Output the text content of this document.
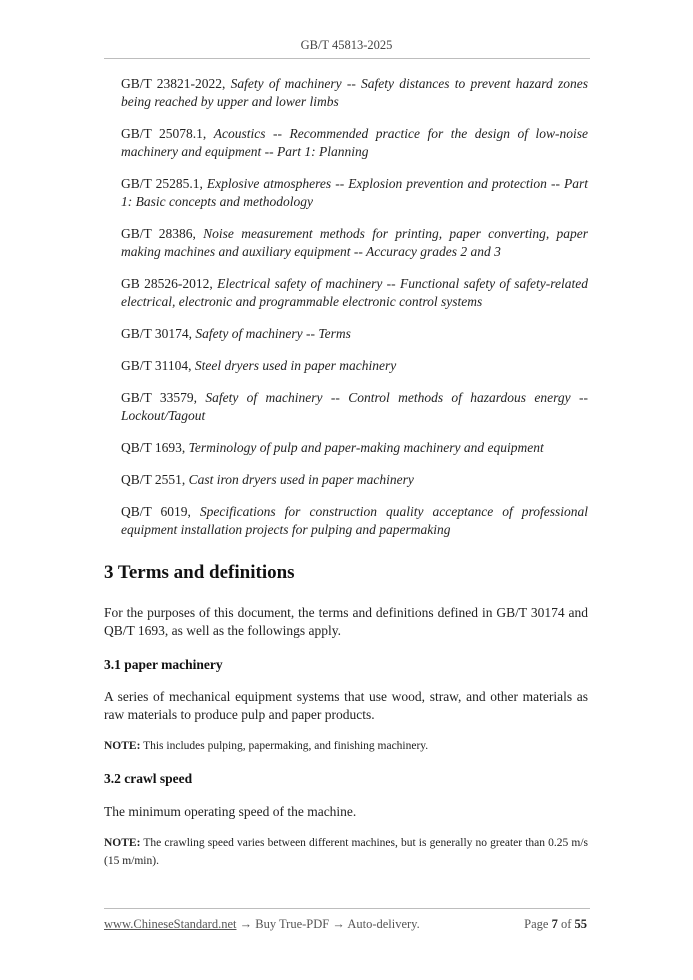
GB/T 45813-2025

GB/T 23821-2022, Safety of machinery -- Safety distances to prevent hazard zones being reached by upper and lower limbs

GB/T 25078.1, Acoustics -- Recommended practice for the design of low-noise machinery and equipment -- Part 1: Planning

GB/T 25285.1, Explosive atmospheres -- Explosion prevention and protection -- Part 1: Basic concepts and methodology

GB/T 28386, Noise measurement methods for printing, paper converting, paper making machines and auxiliary equipment -- Accuracy grades 2 and 3

GB 28526-2012, Electrical safety of machinery -- Functional safety of safety-related electrical, electronic and programmable electronic control systems

GB/T 30174, Safety of machinery -- Terms

GB/T 31104, Steel dryers used in paper machinery

GB/T 33579, Safety of machinery -- Control methods of hazardous energy -- Lockout/Tagout

QB/T 1693, Terminology of pulp and paper-making machinery and equipment

QB/T 2551, Cast iron dryers used in paper machinery

QB/T 6019, Specifications for construction quality acceptance of professional equipment installation projects for pulping and papermaking

3 Terms and definitions

For the purposes of this document, the terms and definitions defined in GB/T 30174 and QB/T 1693, as well as the followings apply.

3.1 paper machinery

A series of mechanical equipment systems that use wood, straw, and other materials as raw materials to produce pulp and paper products.

NOTE: This includes pulping, papermaking, and finishing machinery.

3.2 crawl speed

The minimum operating speed of the machine.

NOTE: The crawling speed varies between different machines, but is generally no greater than 0.25 m/s (15 m/min).

www.ChineseStandard.net → Buy True-PDF → Auto-delivery.	Page 7 of 55
